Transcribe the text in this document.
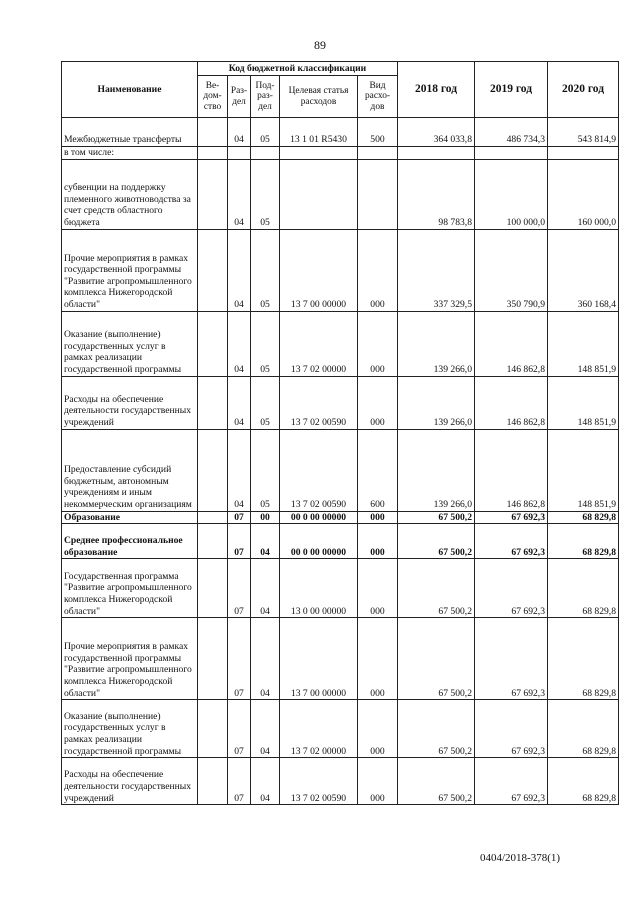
89
Наименование	Код бюджетной классификации					2018 год	2019 год	2020 год
	Ве-дом-ство	Раз-дел	Под-раз-дел	Целевая статья расходов	Вид расхо-дов			
Межбюджетные трансферты		04	05	13 1 01 R5430	500	364 033,8	486 734,3	543 814,9
в том числе:								
субвенции на поддержку племенного животноводства за счет средств областного бюджета		04	05			98 783,8	100 000,0	160 000,0
Прочие мероприятия в рамках государственной программы "Развитие агропромышленного комплекса Нижегородской области"		04	05	13 7 00 00000	000	337 329,5	350 790,9	360 168,4
Оказание (выполнение) государственных услуг в рамках реализации государственной программы		04	05	13 7 02 00000	000	139 266,0	146 862,8	148 851,9
Расходы на обеспечение деятельности государственных учреждений		04	05	13 7 02 00590	000	139 266,0	146 862,8	148 851,9
Предоставление субсидий бюджетным, автономным учреждениям и иным некоммерческим организациям		04	05	13 7 02 00590	600	139 266,0	146 862,8	148 851,9
Образование		07	00	00 0 00 00000	000	67 500,2	67 692,3	68 829,8
Среднее профессиональное образование		07	04	00 0 00 00000	000	67 500,2	67 692,3	68 829,8
Государственная программа "Развитие агропромышленного комплекса Нижегородской области"		07	04	13 0 00 00000	000	67 500,2	67 692,3	68 829,8
Прочие мероприятия в рамках государственной программы "Развитие агропромышленного комплекса Нижегородской области"		07	04	13 7 00 00000	000	67 500,2	67 692,3	68 829,8
Оказание (выполнение) государственных услуг в рамках реализации государственной программы		07	04	13 7 02 00000	000	67 500,2	67 692,3	68 829,8
Расходы на обеспечение деятельности государственных учреждений		07	04	13 7 02 00590	000	67 500,2	67 692,3	68 829,8
0404/2018-378(1)
